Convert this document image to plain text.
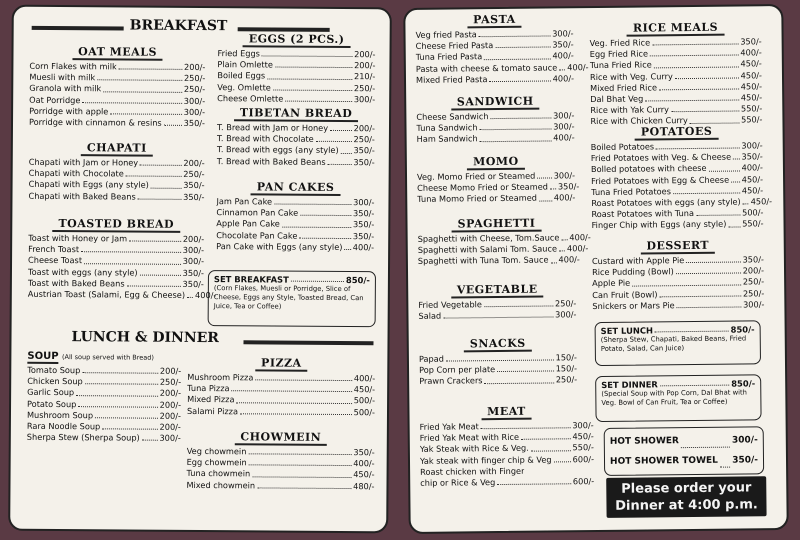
BREAKFAST
OAT MEALS
Corn Flakes with milk	200/-
Muesli with milk	250/-
Granola with milk	250/-
Oat Porridge	300/-
Porridge with apple	300/-
Porridge with cinnamon & resins	350/-
EGGS (2 PCS.)
Fried Eggs	200/-
Plain Omlette	200/-
Boiled Eggs	210/-
Veg. Omlette	250/-
Cheese Omlette	300/-
TIBETAN BREAD
T. Bread with Jam or Honey	200/-
T. Bread with Chocolate	250/-
T. Bread with eggs (any style) 350/-
T. Bread with Baked Beans	350/-
CHAPATI
Chapati with Jam or Honey	200/-
Chapati with Chocolate	250/-
Chapati with Eggs (any style)	350/-
Chapati with Baked Beans	350/-
PAN CAKES
Jam Pan Cake	300/-
Cinnamon Pan Cake	350/-
Apple Pan Cake	350/-
Chocolate Pan Cake	350/-
Pan Cake with Eggs (any style) 400/-
TOASTED BREAD
Toast with Honey or Jam	200/-
French Toast	300/-
Cheese Toast	300/-
Toast with eggs (any style)	350/-
Toast with Baked Beans	350/-
Austrian Toast (Salami, Egg & Cheese) 400/-
SET BREAKFAST	850/-
(Corn Flakes, Muesli or Porridge, Slice of Cheese, Eggs any Style, Toasted Bread, Can Juice, Tea or Coffee)
LUNCH & DINNER
SOUP (All soup served with Bread)
Tomato Soup	200/-
Chicken Soup	250/-
Garlic Soup	200/-
Potato Soup	200/-
Mushroom Soup	200/-
Rara Noodle Soup	200/-
Sherpa Stew (Sherpa Soup) 300/-
PIZZA
Mushroom Pizza	400/-
Tuna Pizza	450/-
Mixed Pizza	500/-
Salami Pizza	500/-
CHOWMEIN
Veg chowmein	350/-
Egg chowmein	400/-
Tuna chowmein	450/-
Mixed chowmein	480/-
PASTA
Veg fried Pasta	300/-
Cheese Fried Pasta	350/-
Tuna Fried Pasta	400/-
Pasta with cheese & tomato sauce 400/-
Mixed Fried Pasta	400/-
SANDWICH
Cheese Sandwich	300/-
Tuna Sandwich	300/-
Ham Sandwich	400/-
MOMO
Veg. Momo Fried or Steamed 300/-
Cheese Momo Fried or Steamed 350/-
Tuna Momo Fried or Steamed 400/-
SPAGHETTI
Spaghetti with Cheese, Tom.Sauce 400/-
Spaghetti with Salami Tom. Sauce 400/-
Spaghetti with Tuna Tom. Sauce 400/-
VEGETABLE
Fried Vegetable	250/-
Salad	300/-
SNACKS
Papad	150/-
Pop Corn per plate	150/-
Prawn Crackers	250/-
MEAT
Fried Yak Meat	300/-
Fried Yak Meat with Rice	450/-
Yak Steak with Rice & Veg.	550/-
Yak steak with finger chip & Veg	600/-
Roast chicken with Finger
chip or Rice & Veg	600/-
RICE MEALS
Veg. Fried Rice	350/-
Egg Fried Rice	400/-
Tuna Fried Rice	450/-
Rice with Veg. Curry	450/-
Mixed Fried Rice	450/-
Dal Bhat Veg	450/-
Rice with Yak Curry	550/-
Rice with Chicken Curry	550/-
POTATOES
Boiled Potatoes	300/-
Fried Potatoes with Veg. & Cheese 350/-
Bolled potatoes with cheese	400/-
Fried Potatoes with Egg & Cheese 450/-
Tuna Fried Potatoes	450/-
Roast Potatoes with eggs (any style) 450/-
Roast Potatoes with Tuna	500/-
Finger Chip with Eggs (any style) 550/-
DESSERT
Custard with Apple Pie	350/-
Rice Pudding (Bowl)	200/-
Apple Pie	250/-
Can Fruit (Bowl)	250/-
Snickers or Mars Pie	300/-
SET LUNCH	850/-
(Sherpa Stew, Chapati, Baked Beans, Fried Potato, Salad, Can Juice)
SET DINNER	850/-
(Special Soup with Pop Corn, Dal Bhat with Veg. Bowl of Can Fruit, Tea or Coffee)
HOT SHOWER	300/-
HOT SHOWER TOWEL 350/-
Please order your
Dinner at 4:00 p.m.
